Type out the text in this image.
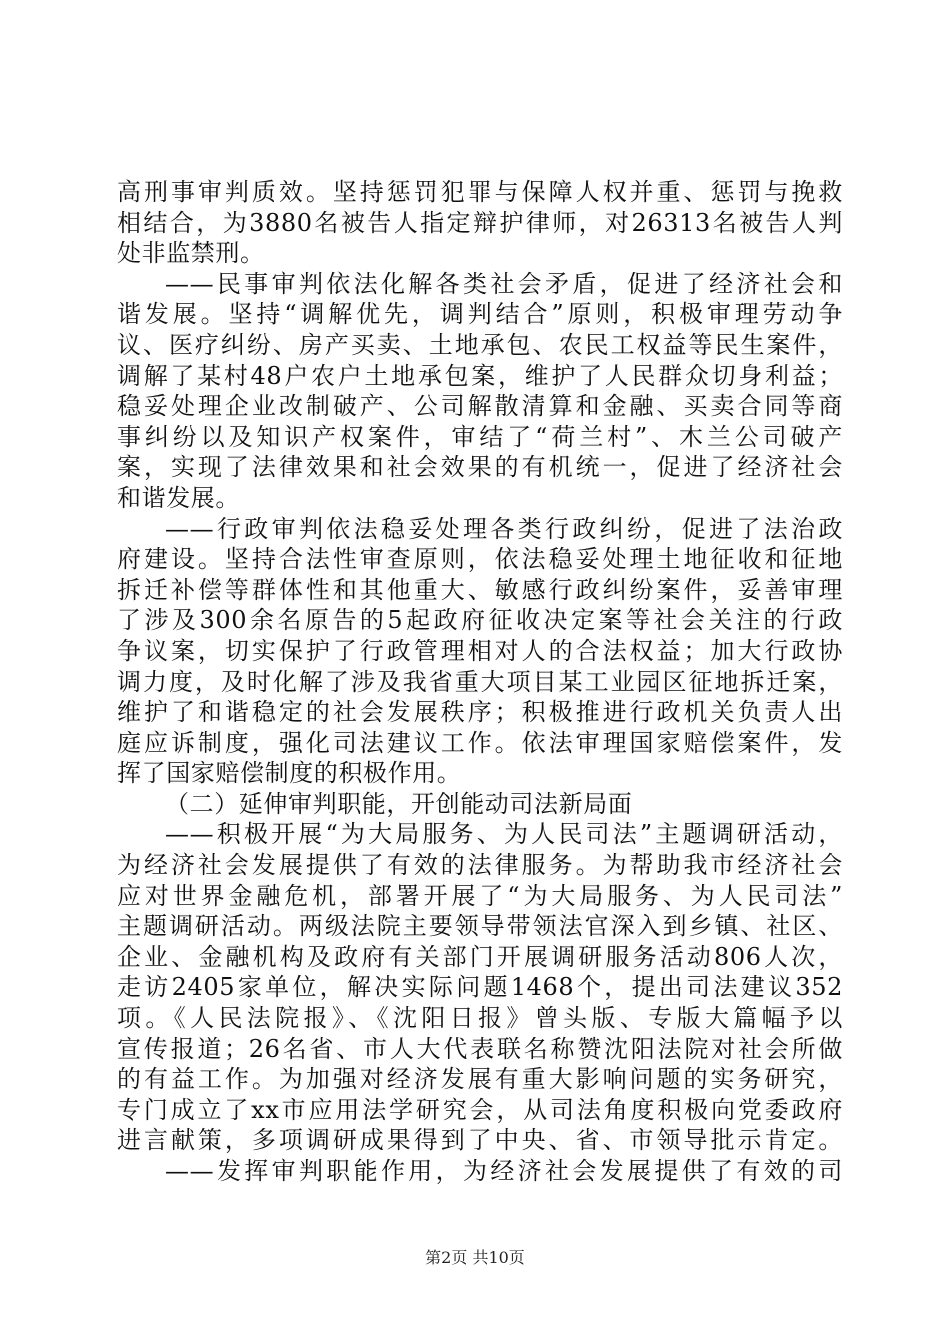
高刑事审判质效。坚持惩罚犯罪与保障人权并重、惩罚与挽救
相结合，为3880名被告人指定辩护律师，对26313名被告人判
处非监禁刑。
——民事审判依法化解各类社会矛盾，促进了经济社会和
谐发展。坚持“调解优先，调判结合”原则，积极审理劳动争
议、医疗纠纷、房产买卖、土地承包、农民工权益等民生案件，
调解了某村48户农户土地承包案，维护了人民群众切身利益；
稳妥处理企业改制破产、公司解散清算和金融、买卖合同等商
事纠纷以及知识产权案件，审结了“荷兰村”、木兰公司破产
案，实现了法律效果和社会效果的有机统一，促进了经济社会
和谐发展。
——行政审判依法稳妥处理各类行政纠纷，促进了法治政
府建设。坚持合法性审查原则，依法稳妥处理土地征收和征地
拆迁补偿等群体性和其他重大、敏感行政纠纷案件，妥善审理
了涉及300余名原告的5起政府征收决定案等社会关注的行政
争议案，切实保护了行政管理相对人的合法权益；加大行政协
调力度，及时化解了涉及我省重大项目某工业园区征地拆迁案，
维护了和谐稳定的社会发展秩序；积极推进行政机关负责人出
庭应诉制度，强化司法建议工作。依法审理国家赔偿案件，发
挥了国家赔偿制度的积极作用。
（二）延伸审判职能，开创能动司法新局面
——积极开展“为大局服务、为人民司法”主题调研活动，
为经济社会发展提供了有效的法律服务。为帮助我市经济社会
应对世界金融危机，部署开展了“为大局服务、为人民司法”
主题调研活动。两级法院主要领导带领法官深入到乡镇、社区、
企业、金融机构及政府有关部门开展调研服务活动806人次，
走访2405家单位，解决实际问题1468个，提出司法建议352
项。《人民法院报》、《沈阳日报》曾头版、专版大篇幅予以
宣传报道；26名省、市人大代表联名称赞沈阳法院对社会所做
的有益工作。为加强对经济发展有重大影响问题的实务研究，
专门成立了xx市应用法学研究会，从司法角度积极向党委政府
进言献策，多项调研成果得到了中央、省、市领导批示肯定。
——发挥审判职能作用，为经济社会发展提供了有效的司
第2页 共10页
